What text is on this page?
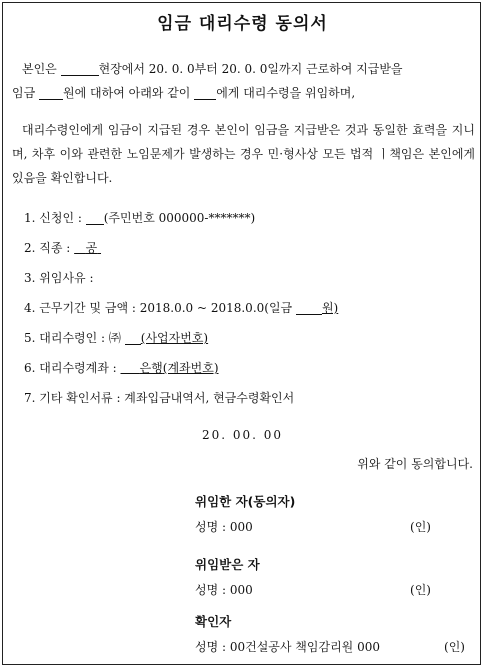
임금 대리수령 동의서
본인은	현장에서 20. 0. 0부터 20. 0. 0일까지 근로하여 지급받을
임금 원에 대하여 아래와 같이 에게 대리수령을 위임하며,
대리수령인에게 임금이 지급된 경우 본인이 임금을 지급받은 것과 동일한 효력을 지니며, 차후 이와 관련한 노임문제가 발생하는 경우 민·형사상 모든 법적 ㅣ책임은 본인에게 있음을 확인합니다.
1. 신청인 : (주민번호 000000-*******)
2. 직종 : 공
3. 위임사유 :
4. 근무기간 및 금액 : 2018.0.0 ~ 2018.0.0(일금 원)
5. 대리수령인 : ㈜ (사업자번호)
6. 대리수령계좌 : 은행(계좌번호)
7. 기타 확인서류 : 계좌입금내역서, 현금수령확인서
20. 00. 00
위와 같이 동의합니다.
위임한 자(동의자)
성명 : 000	(인)
위임받은 자
성명 : 000	(인)
확인자
성명 : 00건설공사 책임감리원 000	(인)
